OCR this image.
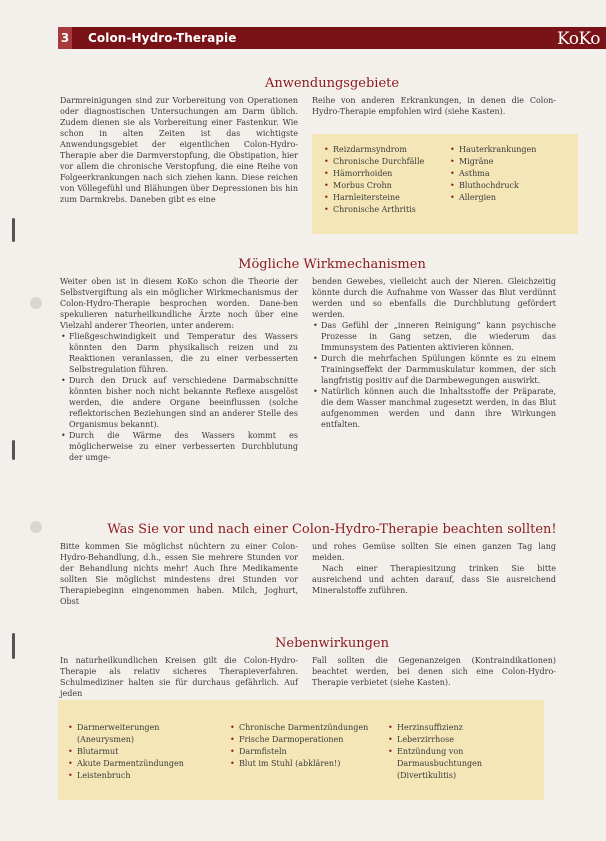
3 Colon-Hydro-Therapie	KoKo
Anwendungsgebiete

Darmreinigungen sind zur Vorbereitung von Operationen oder diagnostischen Untersuchungen am Darm üblich. Zudem dienen sie als Vorbereitung einer Fastenkur. Wie schon in alten Zeiten ist das wichtigste Anwendungsgebiet der eigentlichen Colon-Hydro-Therapie aber die Darmverstopfung, die Obstipation, hier vor allem die chronische Verstopfung, die eine Reihe von Folgeerkrankungen nach sich ziehen kann. Diese reichen von Völlegefühl und Blähungen über Depressionen bis hin zum Darmkrebs. Daneben gibt es eine

Reihe von anderen Erkrankungen, in denen die Colon-Hydro-Therapie empfohlen wird (siehe Kasten).

• Reizdarmsyndrom
• Chronische Durchfälle
• Hämorrhoiden
• Morbus Crohn
• Harnleitersteine
• Chronische Arthritis
• Hauterkrankungen
• Migräne
• Asthma
• Bluthochdruck
• Allergien
Mögliche Wirkmechanismen

Weiter oben ist in diesem KoKo schon die Theorie der Selbstvergiftung als ein möglicher Wirkmechanismus der Colon-Hydro-Therapie besprochen worden. Dane-ben spekulieren naturheilkundliche Ärzte noch über eine Vielzahl anderer Theorien, unter anderem:

• Fließgeschwindigkeit und Temperatur des Wassers könnten den Darm physikalisch reizen und zu Reaktionen veranlassen, die zu einer verbesserten Selbstregulation führen.
• Durch den Druck auf verschiedene Darmabschnitte könnten bisher noch nicht bekannte Reflexe ausgelöst werden, die andere Organe beeinflussen (solche reflektorischen Beziehungen sind an anderer Stelle des Organismus bekannt).
• Durch die Wärme des Wassers kommt es möglicherweise zu einer verbesserten Durchblutung der umge-

benden Gewebes, vielleicht auch der Nieren. Gleichzeitig könnte durch die Aufnahme von Wasser das Blut verdünnt werden und so ebenfalls die Durchblutung gefördert werden.

• Das Gefühl der „inneren Reinigung“ kann psychische Prozesse in Gang setzen, die wiederum das Immunsystem des Patienten aktivieren können.
• Durch die mehrfachen Spülungen könnte es zu einem Trainingseffekt der Darmmuskulatur kommen, der sich langfristig positiv auf die Darmbewegungen auswirkt.
• Natürlich können auch die Inhaltsstoffe der Präparate, die dem Wasser manchmal zugesetzt werden, in das Blut aufgenommen werden und dann ihre Wirkungen entfalten.
Was Sie vor und nach einer Colon-Hydro-Therapie beachten sollten!

Bitte kommen Sie möglichst nüchtern zu einer Colon-Hydro-Behandlung, d.h., essen Sie mehrere Stunden vor der Behandlung nichts mehr! Auch Ihre Medikamente sollten Sie möglichst mindestens drei Stunden vor Therapiebeginn eingenommen haben. Milch, Joghurt, Obst

und rohes Gemüse sollten Sie einen ganzen Tag lang meiden.

Nach einer Therapiesitzung trinken Sie bitte ausreichend und achten darauf, dass Sie ausreichend Mineralstoffe zuführen.

Nebenwirkungen

In naturheilkundlichen Kreisen gilt die Colon-Hydro-Therapie als relativ sicheres Therapieverfahren. Schulmediziner halten sie für durchaus gefährlich. Auf jeden

Fall sollten die Gegenanzeigen (Kontraindikationen) beachtet werden, bei denen sich eine Colon-Hydro-Therapie verbietet (siehe Kasten).

• Darmerweiterungen (Aneurysmen)
• Blutarmut
• Akute Darmentzündungen
• Leistenbruch
• Chronische Darmentzündungen
• Frische Darmoperationen
• Darmfisteln
• Blut im Stuhl (abklären!)
• Herzinsuffizienz
• Leberzirrhose
• Entzündung von Darmausbuchtungen (Divertikulitis)
